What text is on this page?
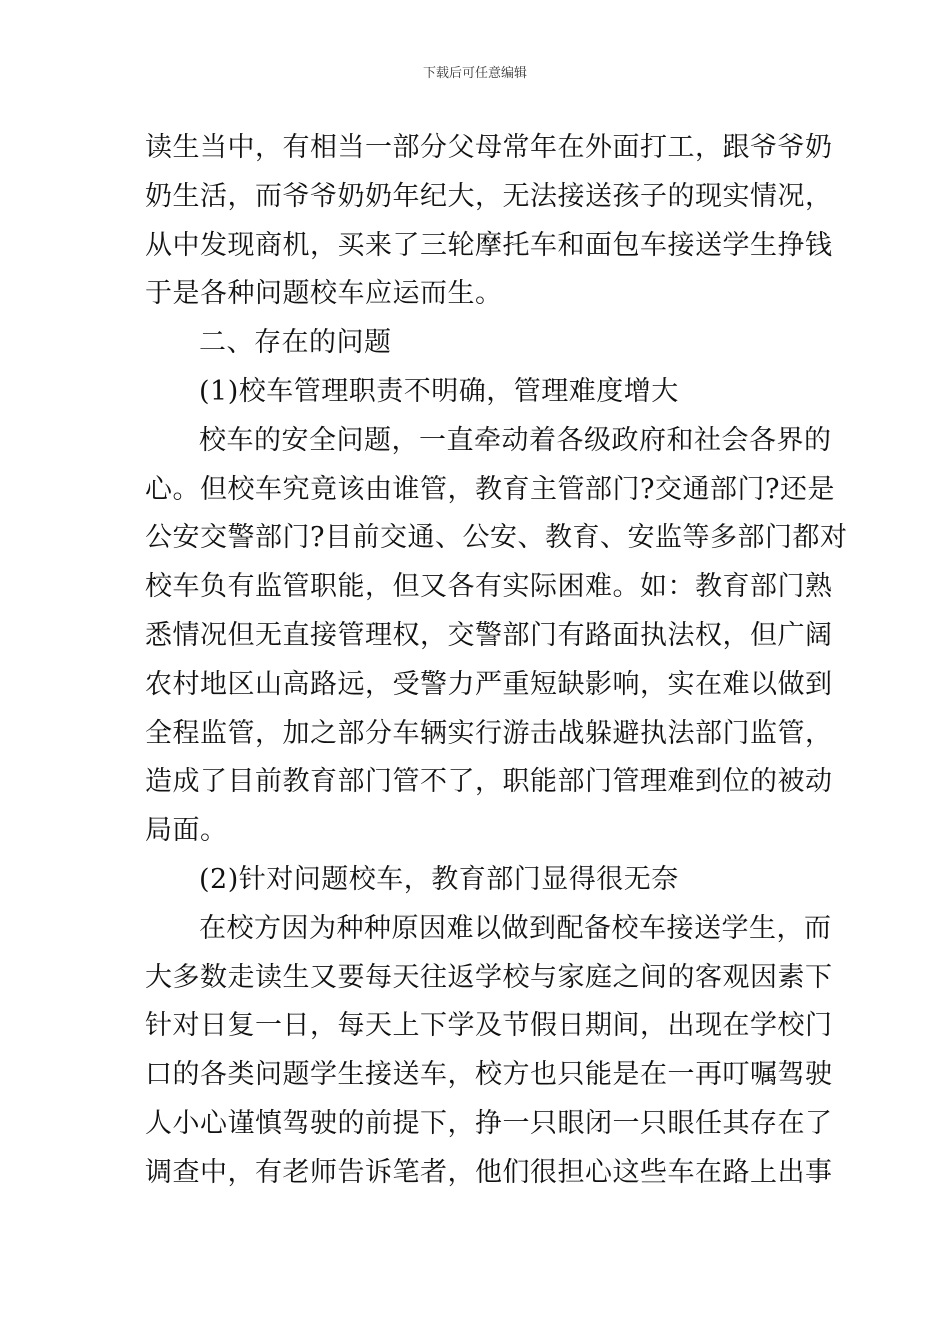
下载后可任意编辑
读生当中，有相当一部分父母常年在外面打工，跟爷爷奶
奶生活，而爷爷奶奶年纪大，无法接送孩子的现实情况，
从中发现商机，买来了三轮摩托车和面包车接送学生挣钱
于是各种问题校车应运而生。
二、存在的问题
(1)校车管理职责不明确，管理难度增大
校车的安全问题，一直牵动着各级政府和社会各界的
心。但校车究竟该由谁管，教育主管部门?交通部门?还是
公安交警部门?目前交通、公安、教育、安监等多部门都对
校车负有监管职能，但又各有实际困难。如：教育部门熟
悉情况但无直接管理权，交警部门有路面执法权，但广阔
农村地区山高路远，受警力严重短缺影响，实在难以做到
全程监管，加之部分车辆实行游击战躲避执法部门监管，
造成了目前教育部门管不了，职能部门管理难到位的被动
局面。
(2)针对问题校车，教育部门显得很无奈
在校方因为种种原因难以做到配备校车接送学生，而
大多数走读生又要每天往返学校与家庭之间的客观因素下
针对日复一日，每天上下学及节假日期间，出现在学校门
口的各类问题学生接送车，校方也只能是在一再叮嘱驾驶
人小心谨慎驾驶的前提下，挣一只眼闭一只眼任其存在了
调查中，有老师告诉笔者，他们很担心这些车在路上出事
